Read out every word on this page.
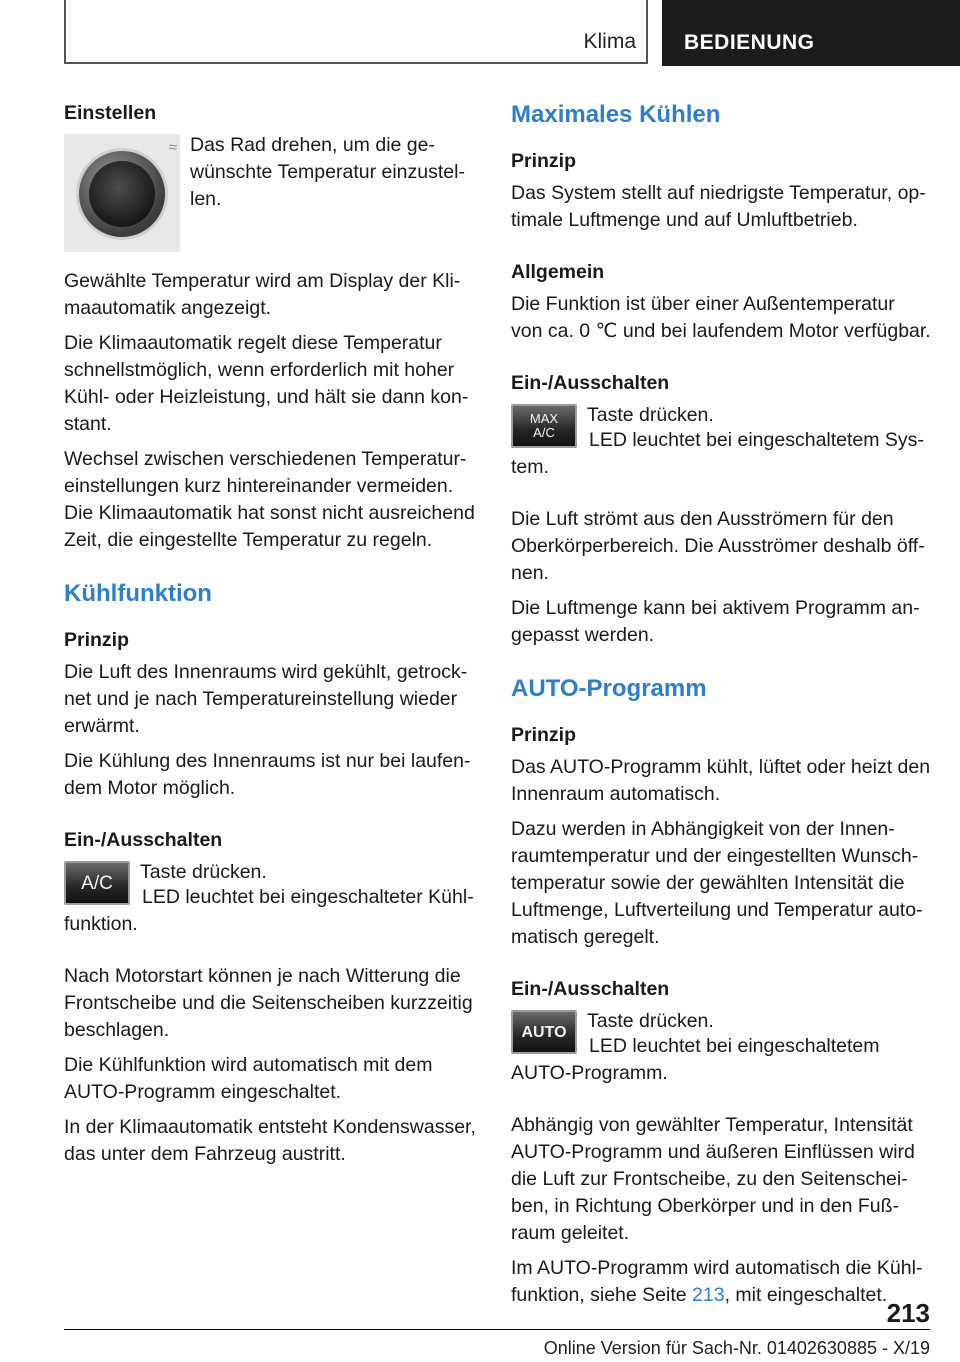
Klima	BEDIENUNG
Einstellen
≈ Das Rad drehen, um die gewünschte Temperatur einzustellen.

Gewählte Temperatur wird am Display der Klimaautomatik angezeigt.

Die Klimaautomatik regelt diese Temperatur schnellstmöglich, wenn erforderlich mit hoher Kühl- oder Heizleistung, und hält sie dann konstant.

Wechsel zwischen verschiedenen Temperatureinstellungen kurz hintereinander vermeiden. Die Klimaautomatik hat sonst nicht ausreichend Zeit, die eingestellte Temperatur zu regeln.

Kühlfunktion
Prinzip

Die Luft des Innenraums wird gekühlt, getrocknet und je nach Temperatureinstellung wieder erwärmt.

Die Kühlung des Innenraums ist nur bei laufendem Motor möglich.

Ein-/Ausschalten
A/C	Taste drücken.

LED leuchtet bei eingeschalteter Kühlfunktion.

Nach Motorstart können je nach Witterung die Frontscheibe und die Seitenscheiben kurzzeitig beschlagen.

Die Kühlfunktion wird automatisch mit dem AUTO-Programm eingeschaltet.

In der Klimaautomatik entsteht Kondenswasser, das unter dem Fahrzeug austritt.

Maximales Kühlen
Prinzip

Das System stellt auf niedrigste Temperatur, optimale Luftmenge und auf Umluftbetrieb.

Allgemein

Die Funktion ist über einer Außentemperatur von ca. 0 ℃ und bei laufendem Motor verfügbar.

Ein-/Ausschalten
MAX
A/C
Taste drücken.

LED leuchtet bei eingeschaltetem System.

Die Luft strömt aus den Ausströmern für den Oberkörperbereich. Die Ausströmer deshalb öffnen.

Die Luftmenge kann bei aktivem Programm angepasst werden.

AUTO-Programm
Prinzip

Das AUTO-Programm kühlt, lüftet oder heizt den Innenraum automatisch.

Dazu werden in Abhängigkeit von der Innenraumtemperatur und der eingestellten Wunschtemperatur sowie der gewählten Intensität die Luftmenge, Luftverteilung und Temperatur automatisch geregelt.

Ein-/Ausschalten
AUTO	Taste drücken.

LED leuchtet bei eingeschaltetem AUTO-Programm.

Abhängig von gewählter Temperatur, Intensität AUTO-Programm und äußeren Einflüssen wird die Luft zur Frontscheibe, zu den Seitenscheiben, in Richtung Oberkörper und in den Fußraum geleitet.

Im AUTO-Programm wird automatisch die Kühlfunktion, siehe Seite 213, mit eingeschaltet.

213
Online Version für Sach-Nr. 01402630885 - X/19
